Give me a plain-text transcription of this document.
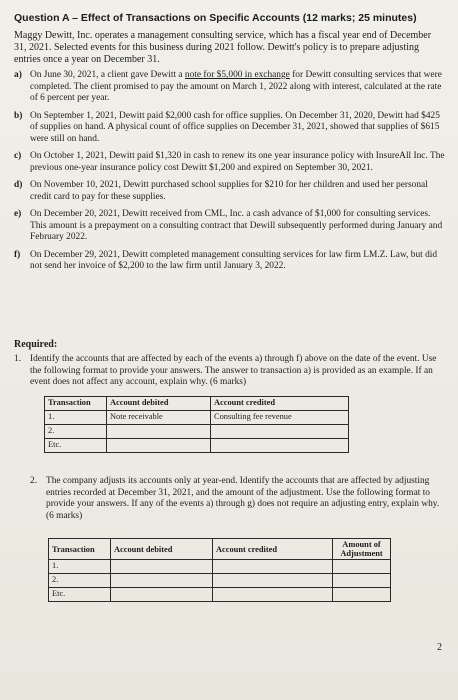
Question A – Effect of Transactions on Specific Accounts (12 marks; 25 minutes)
Maggy Dewitt, Inc. operates a management consulting service, which has a fiscal year end of December 31, 2021. Selected events for this business during 2021 follow. Dewitt's policy is to prepare adjusting entries once a year on December 31.
a) On June 30, 2021, a client gave Dewitt a note for $5,000 in exchange for Dewitt consulting services that were completed. The client promised to pay the amount on March 1, 2022 along with interest, calculated at the rate of 6 percent per year.
b) On September 1, 2021, Dewitt paid $2,000 cash for office supplies. On December 31, 2020, Dewitt had $425 of supplies on hand. A physical count of office supplies on December 31, 2021, showed that supplies of $615 were still on hand.
c) On October 1, 2021, Dewitt paid $1,320 in cash to renew its one year insurance policy with InsureAll Inc. The previous one-year insurance policy cost Dewitt $1,200 and expired on September 30, 2021.
d) On November 10, 2021, Dewitt purchased school supplies for $210 for her children and used her personal credit card to pay for these supplies.
e) On December 20, 2021, Dewitt received from CML, Inc. a cash advance of $1,000 for consulting services. This amount is a prepayment on a consulting contract that Dewill subsequently performed during January and February 2022.
f)	On December 29, 2021, Dewitt completed management consulting services for law firm LM.Z. Law, but did not send her invoice of $2,200 to the law firm until January 3, 2022.
Required:
1. Identify the accounts that are affected by each of the events a) through f) above on the date of the event. Use the following format to provide your answers. The answer to transaction a) is provided as an example. If an event does not affect any account, explain why. (6 marks)
Transaction	Account debited	Account credited
1.	Note receivable	Consulting fee revenue
2.		
Etc.		
2. The company adjusts its accounts only at year-end. Identify the accounts that are affected by adjusting entries recorded at December 31, 2021, and the amount of the adjustment. Use the following format to provide your answers. If any of the events a) through g) does not require an adjusting entry, explain why. (6 marks)
Transaction	Account debited	Account credited	Amount of Adjustment
1.			
2.			
Etc.			
2
